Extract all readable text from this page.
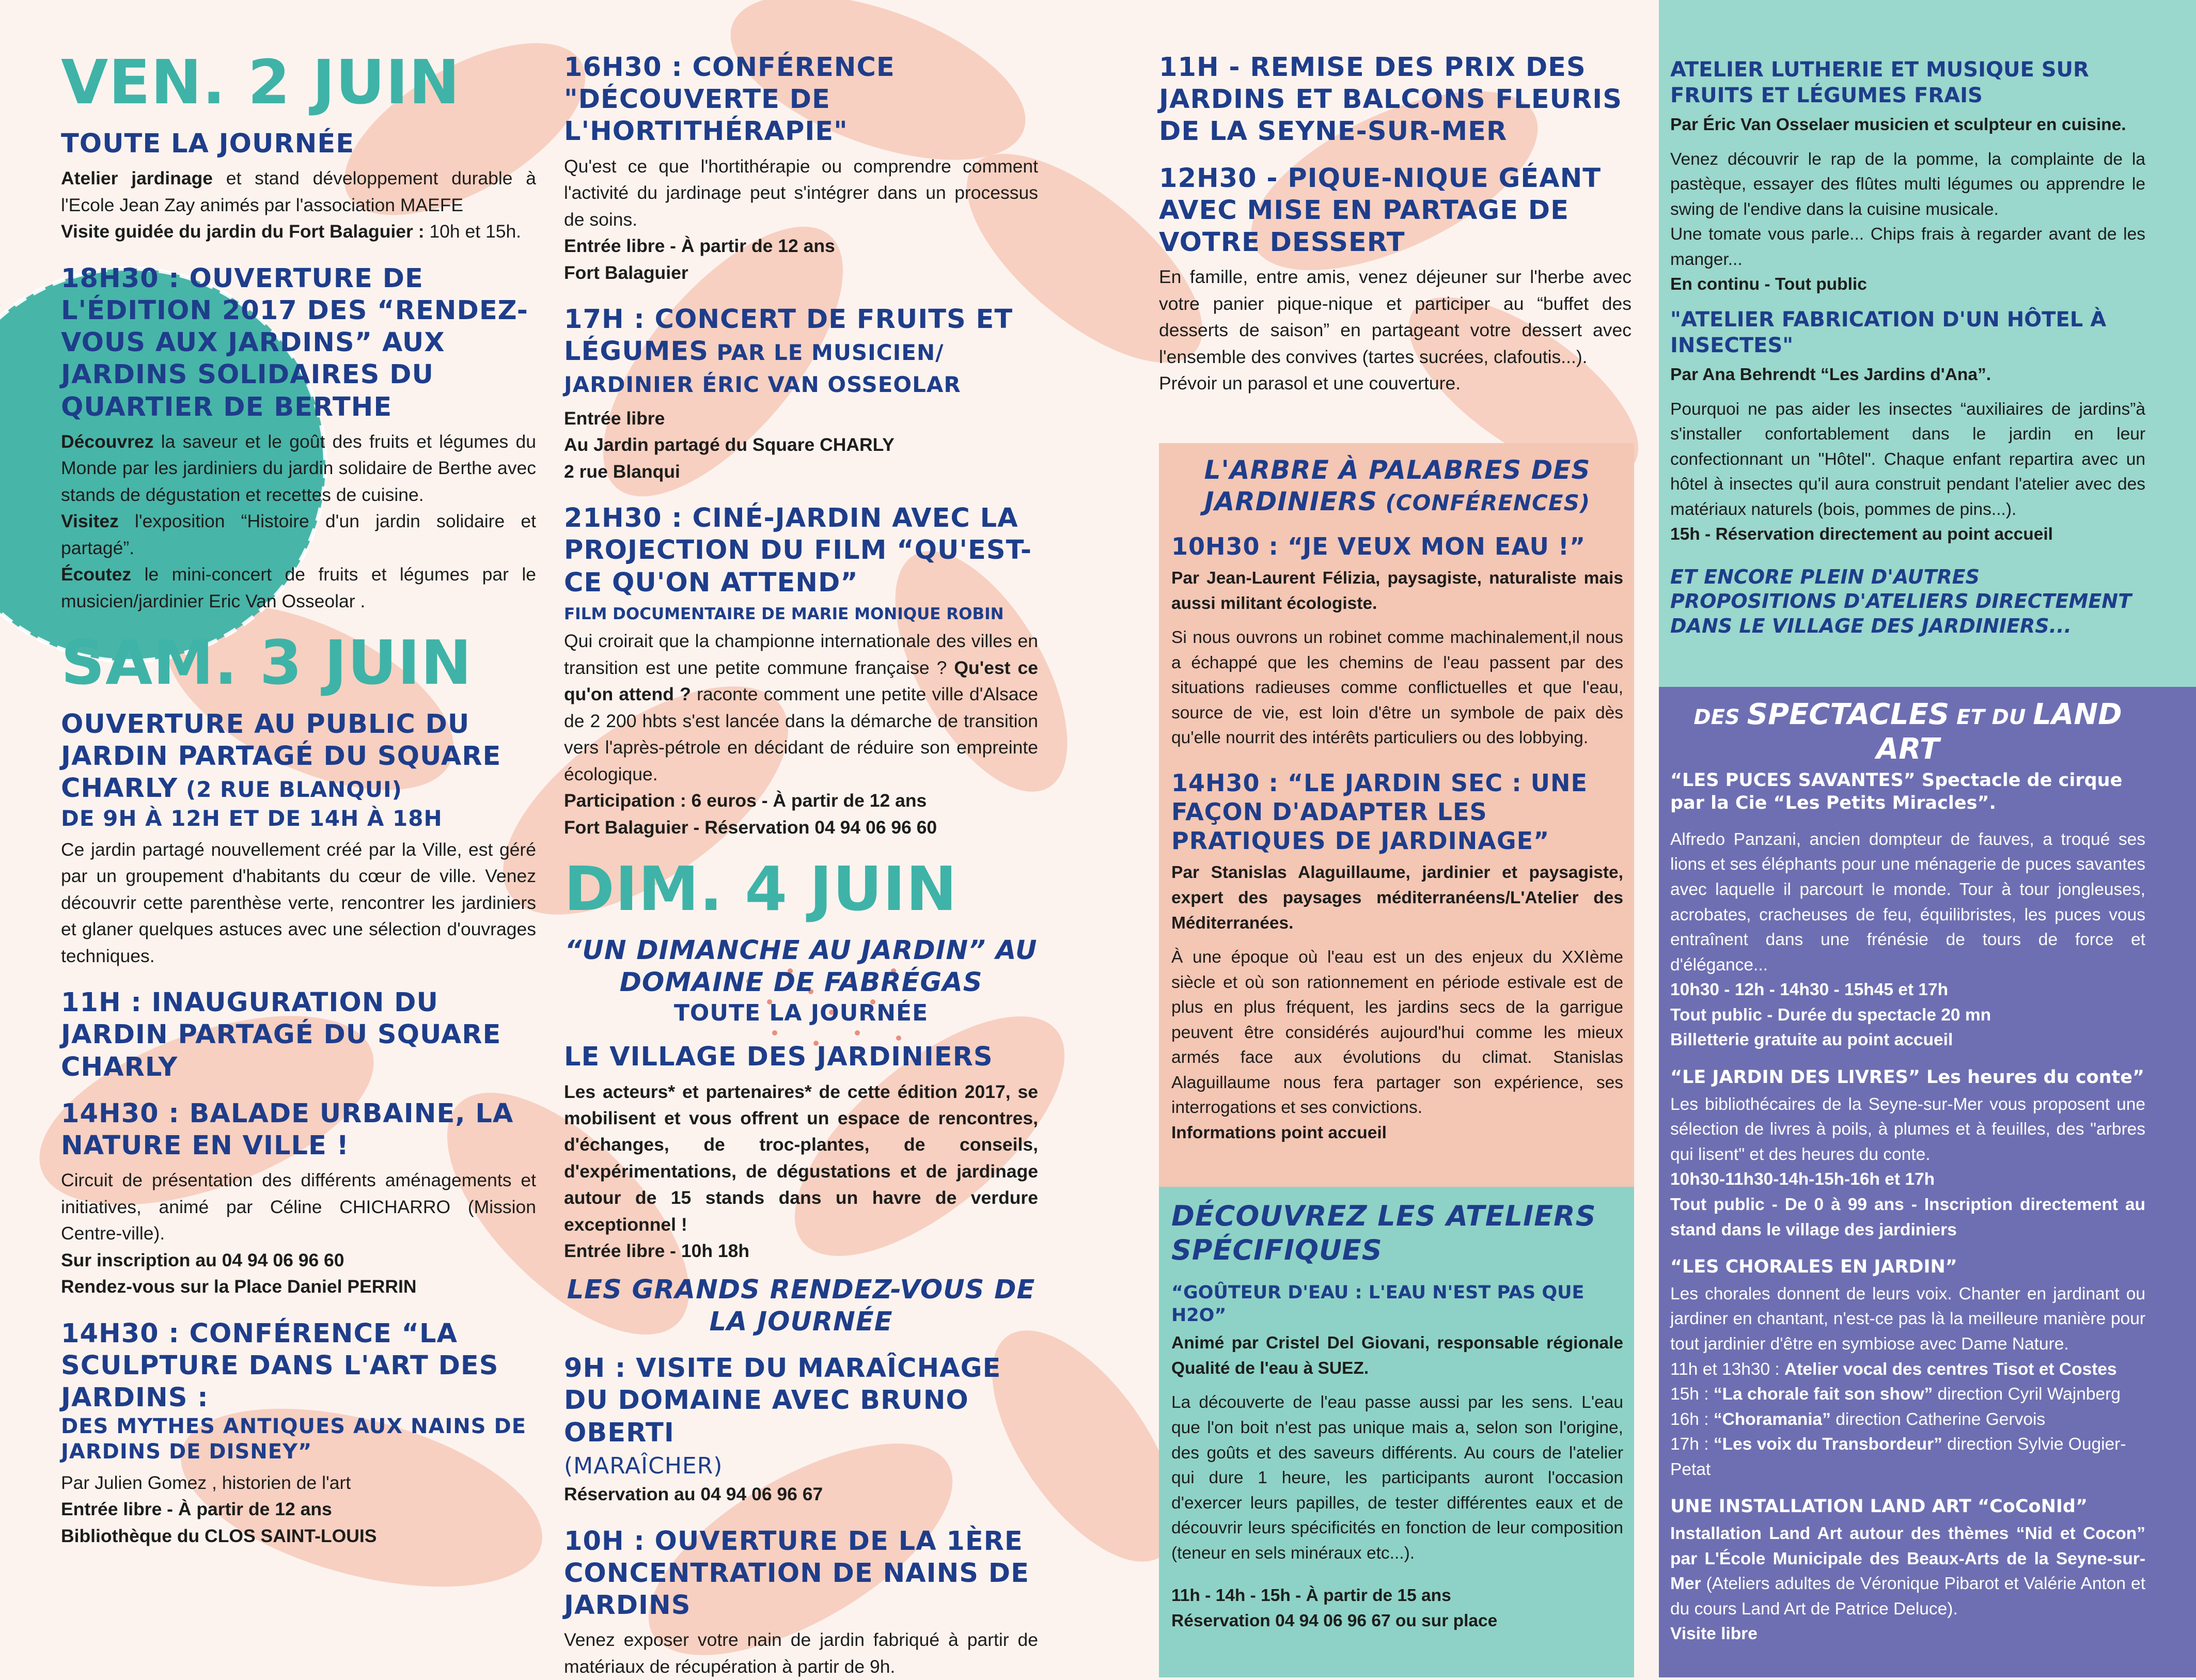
VEN. 2 JUIN
TOUTE LA JOURNÉE

Atelier jardinage et stand développement durable à l'Ecole Jean Zay animés par l'association MAEFE
Visite guidée du jardin du Fort Balaguier : 10h et 15h.

18H30 : OUVERTURE DE L'ÉDITION 2017 DES “RENDEZ-VOUS AUX JARDINS” AUX JARDINS SOLIDAIRES DU QUARTIER DE BERTHE

Découvrez la saveur et le goût des fruits et légumes du Monde par les jardiniers du jardin solidaire de Berthe avec stands de dégustation et recettes de cuisine.
Visitez l'exposition “Histoire d'un jardin solidaire et partagé”.
Écoutez le mini-concert de fruits et légumes par le musicien/jardinier Eric Van Osseolar .

SAM. 3 JUIN
OUVERTURE AU PUBLIC DU JARDIN PARTAGÉ DU SQUARE CHARLY (2 RUE BLANQUI)
DE 9H À 12H ET DE 14H À 18H

Ce jardin partagé nouvellement créé par la Ville, est géré par un groupement d'habitants du cœur de ville. Venez découvrir cette parenthèse verte, rencontrer les jardiniers et glaner quelques astuces avec une sélection d'ouvrages techniques.

11H : INAUGURATION DU JARDIN PARTAGÉ DU SQUARE CHARLY
14H30 : BALADE URBAINE, LA NATURE EN VILLE !

Circuit de présentation des différents aménagements et initiatives, animé par Céline CHICHARRO (Mission Centre-ville).

Sur inscription au 04 94 06 96 60

Rendez-vous sur la Place Daniel PERRIN

14H30 : CONFÉRENCE “LA SCULPTURE DANS L'ART DES JARDINS :
DES MYTHES ANTIQUES AUX NAINS DE JARDINS DE DISNEY”

Par Julien Gomez , historien de l'art

Entrée libre - À partir de 12 ans

Bibliothèque du CLOS SAINT-LOUIS

16H30 : CONFÉRENCE "DÉCOUVERTE DE L'HORTITHÉRAPIE"

Qu'est ce que l'hortithérapie ou comprendre comment l'activité du jardinage peut s'intégrer dans un processus de soins.

Entrée libre - À partir de 12 ans

Fort Balaguier

17H : CONCERT DE FRUITS ET LÉGUMES PAR LE MUSICIEN/ JARDINIER ÉRIC VAN OSSEOLAR

Entrée libre

Au Jardin partagé du Square CHARLY

2 rue Blanqui

21H30 : CINÉ-JARDIN AVEC LA PROJECTION DU FILM “QU'EST-CE QU'ON ATTEND”
FILM DOCUMENTAIRE DE MARIE MONIQUE ROBIN

Qui croirait que la championne internationale des villes en transition est une petite commune française ? Qu'est ce qu'on attend ? raconte comment une petite ville d'Alsace de 2 200 hbts s'est lancée dans la démarche de transition vers l'après-pétrole en décidant de réduire son empreinte écologique.

Participation : 6 euros - À partir de 12 ans

Fort Balaguier - Réservation 04 94 06 96 60

DIM. 4 JUIN
“UN DIMANCHE AU JARDIN” AU DOMAINE DE FABRÉGAS
TOUTE LA JOURNÉE
LE VILLAGE DES JARDINIERS

Les acteurs* et partenaires* de cette édition 2017, se mobilisent et vous offrent un espace de rencontres, d'échanges, de troc-plantes, de conseils, d'expérimentations, de dégustations et de jardinage autour de 15 stands dans un havre de verdure exceptionnel !

Entrée libre - 10h 18h

LES GRANDS RENDEZ-VOUS DE LA JOURNÉE
9H : VISITE DU MARAÎCHAGE DU DOMAINE AVEC BRUNO OBERTI
(MARAÎCHER)

Réservation au 04 94 06 96 67

10H : OUVERTURE DE LA 1ÈRE CONCENTRATION DE NAINS DE JARDINS

Venez exposer votre nain de jardin fabriqué à partir de matériaux de récupération à partir de 9h.

11H - REMISE DES PRIX DES JARDINS ET BALCONS FLEURIS DE LA SEYNE-SUR-MER
12H30 - PIQUE-NIQUE GÉANT AVEC MISE EN PARTAGE DE VOTRE DESSERT

En famille, entre amis, venez déjeuner sur l'herbe avec votre panier pique-nique et participer au “buffet des desserts de saison” en partageant votre dessert avec l'ensemble des convives (tartes sucrées, clafoutis...).

Prévoir un parasol et une couverture.

L'ARBRE À PALABRES DES JARDINIERS (CONFÉRENCES)
10H30 : “JE VEUX MON EAU !”

Par Jean-Laurent Félizia, paysagiste, naturaliste mais aussi militant écologiste.

Si nous ouvrons un robinet comme machinalement,il nous a échappé que les chemins de l'eau passent par des situations radieuses comme conflictuelles et que l'eau, source de vie, est loin d'être un symbole de paix dès qu'elle nourrit des intérêts particuliers ou des lobbying.

14H30 : “LE JARDIN SEC : UNE FAÇON D'ADAPTER LES PRATIQUES DE JARDINAGE”

Par Stanislas Alaguillaume, jardinier et paysagiste, expert des paysages méditerranéens/L'Atelier des Méditerranées.

À une époque où l'eau est un des enjeux du XXIème siècle et où son rationnement en période estivale est de plus en plus fréquent, les jardins secs de la garrigue peuvent être considérés aujourd'hui comme les mieux armés face aux évolutions du climat. Stanislas Alaguillaume nous fera partager son expérience, ses interrogations et ses convictions.

Informations point accueil

DÉCOUVREZ LES ATELIERS SPÉCIFIQUES
“GOÛTEUR D'EAU : L'EAU N'EST PAS QUE H2O”

Animé par Cristel Del Giovani, responsable régionale Qualité de l'eau à SUEZ.

La découverte de l'eau passe aussi par les sens. L'eau que l'on boit n'est pas unique mais a, selon son l'origine, des goûts et des saveurs différents. Au cours de l'atelier qui dure 1 heure, les participants auront l'occasion d'exercer leurs papilles, de tester différentes eaux et de découvrir leurs spécificités en fonction de leur composition (teneur en sels minéraux etc...).

11h - 14h - 15h - À partir de 15 ans

Réservation 04 94 06 96 67 ou sur place

ATELIER LUTHERIE ET MUSIQUE SUR FRUITS ET LÉGUMES FRAIS

Par Éric Van Osselaer musicien et sculpteur en cuisine.

Venez découvrir le rap de la pomme, la complainte de la pastèque, essayer des flûtes multi légumes ou apprendre le swing de l'endive dans la cuisine musicale.

Une tomate vous parle... Chips frais à regarder avant de les manger...

En continu - Tout public

"ATELIER FABRICATION D'UN HÔTEL À INSECTES"

Par Ana Behrendt “Les Jardins d'Ana”.

Pourquoi ne pas aider les insectes “auxiliaires de jardins”à s'installer confortablement dans le jardin en leur confectionnant un "Hôtel". Chaque enfant repartira avec un hôtel à insectes qu'il aura construit pendant l'atelier avec des matériaux naturels (bois, pommes de pins...).

15h - Réservation directement au point accueil

ET ENCORE PLEIN D'AUTRES PROPOSITIONS D'ATELIERS DIRECTEMENT DANS LE VILLAGE DES JARDINIERS...
DES SPECTACLES ET DU LAND ART
“LES PUCES SAVANTES” Spectacle de cirque par la Cie “Les Petits Miracles”.

Alfredo Panzani, ancien dompteur de fauves, a troqué ses lions et ses éléphants pour une ménagerie de puces savantes avec laquelle il parcourt le monde. Tour à tour jongleuses, acrobates, cracheuses de feu, équilibristes, les puces vous entraînent dans une frénésie de tours de force et d'élégance...

10h30 - 12h - 14h30 - 15h45 et 17h

Tout public - Durée du spectacle 20 mn

Billetterie gratuite au point accueil

“LE JARDIN DES LIVRES” Les heures du conte”

Les bibliothécaires de la Seyne-sur-Mer vous proposent une sélection de livres à poils, à plumes et à feuilles, des "arbres qui lisent" et des heures du conte.

10h30-11h30-14h-15h-16h et 17h

Tout public - De 0 à 99 ans - Inscription directement au stand dans le village des jardiniers

“LES CHORALES EN JARDIN”

Les chorales donnent de leurs voix. Chanter en jardinant ou jardiner en chantant, n'est-ce pas là la meilleure manière pour tout jardinier d'être en symbiose avec Dame Nature.

11h et 13h30 : Atelier vocal des centres Tisot et Costes

15h : “La chorale fait son show” direction Cyril Wajnberg

16h : “Choramania” direction Catherine Gervois

17h : “Les voix du Transbordeur” direction Sylvie Ougier-Petat

UNE INSTALLATION LAND ART “CoCoNId”

Installation Land Art autour des thèmes “Nid et Cocon” par L'École Municipale des Beaux-Arts de la Seyne-sur-Mer (Ateliers adultes de Véronique Pibarot et Valérie Anton et du cours Land Art de Patrice Deluce).

Visite libre
